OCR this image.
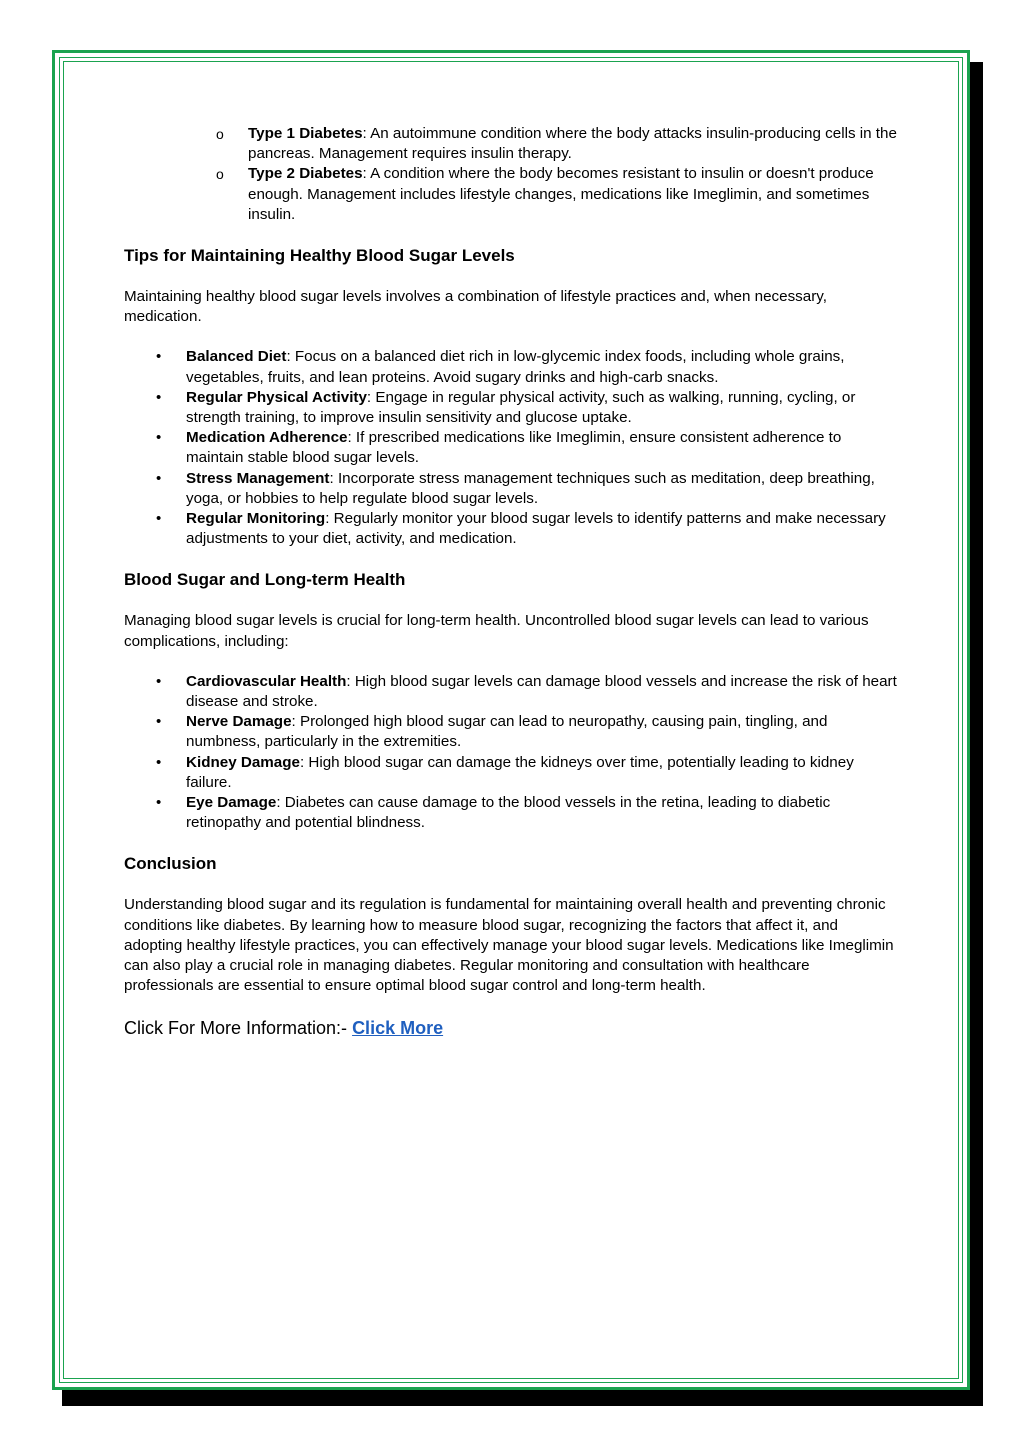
o Type 1 Diabetes: An autoimmune condition where the body attacks insulin-producing cells in the pancreas. Management requires insulin therapy.
o Type 2 Diabetes: A condition where the body becomes resistant to insulin or doesn't produce enough. Management includes lifestyle changes, medications like Imeglimin, and sometimes insulin.
Tips for Maintaining Healthy Blood Sugar Levels

Maintaining healthy blood sugar levels involves a combination of lifestyle practices and, when necessary, medication.

• Balanced Diet: Focus on a balanced diet rich in low-glycemic index foods, including whole grains, vegetables, fruits, and lean proteins. Avoid sugary drinks and high-carb snacks.
• Regular Physical Activity: Engage in regular physical activity, such as walking, running, cycling, or strength training, to improve insulin sensitivity and glucose uptake.
• Medication Adherence: If prescribed medications like Imeglimin, ensure consistent adherence to maintain stable blood sugar levels.
• Stress Management: Incorporate stress management techniques such as meditation, deep breathing, yoga, or hobbies to help regulate blood sugar levels.
• Regular Monitoring: Regularly monitor your blood sugar levels to identify patterns and make necessary adjustments to your diet, activity, and medication.
Blood Sugar and Long-term Health

Managing blood sugar levels is crucial for long-term health. Uncontrolled blood sugar levels can lead to various complications, including:

• Cardiovascular Health: High blood sugar levels can damage blood vessels and increase the risk of heart disease and stroke.
• Nerve Damage: Prolonged high blood sugar can lead to neuropathy, causing pain, tingling, and numbness, particularly in the extremities.
• Kidney Damage: High blood sugar can damage the kidneys over time, potentially leading to kidney failure.
• Eye Damage: Diabetes can cause damage to the blood vessels in the retina, leading to diabetic retinopathy and potential blindness.
Conclusion

Understanding blood sugar and its regulation is fundamental for maintaining overall health and preventing chronic conditions like diabetes. By learning how to measure blood sugar, recognizing the factors that affect it, and adopting healthy lifestyle practices, you can effectively manage your blood sugar levels. Medications like Imeglimin can also play a crucial role in managing diabetes. Regular monitoring and consultation with healthcare professionals are essential to ensure optimal blood sugar control and long-term health.

Click For More Information:- Click More
